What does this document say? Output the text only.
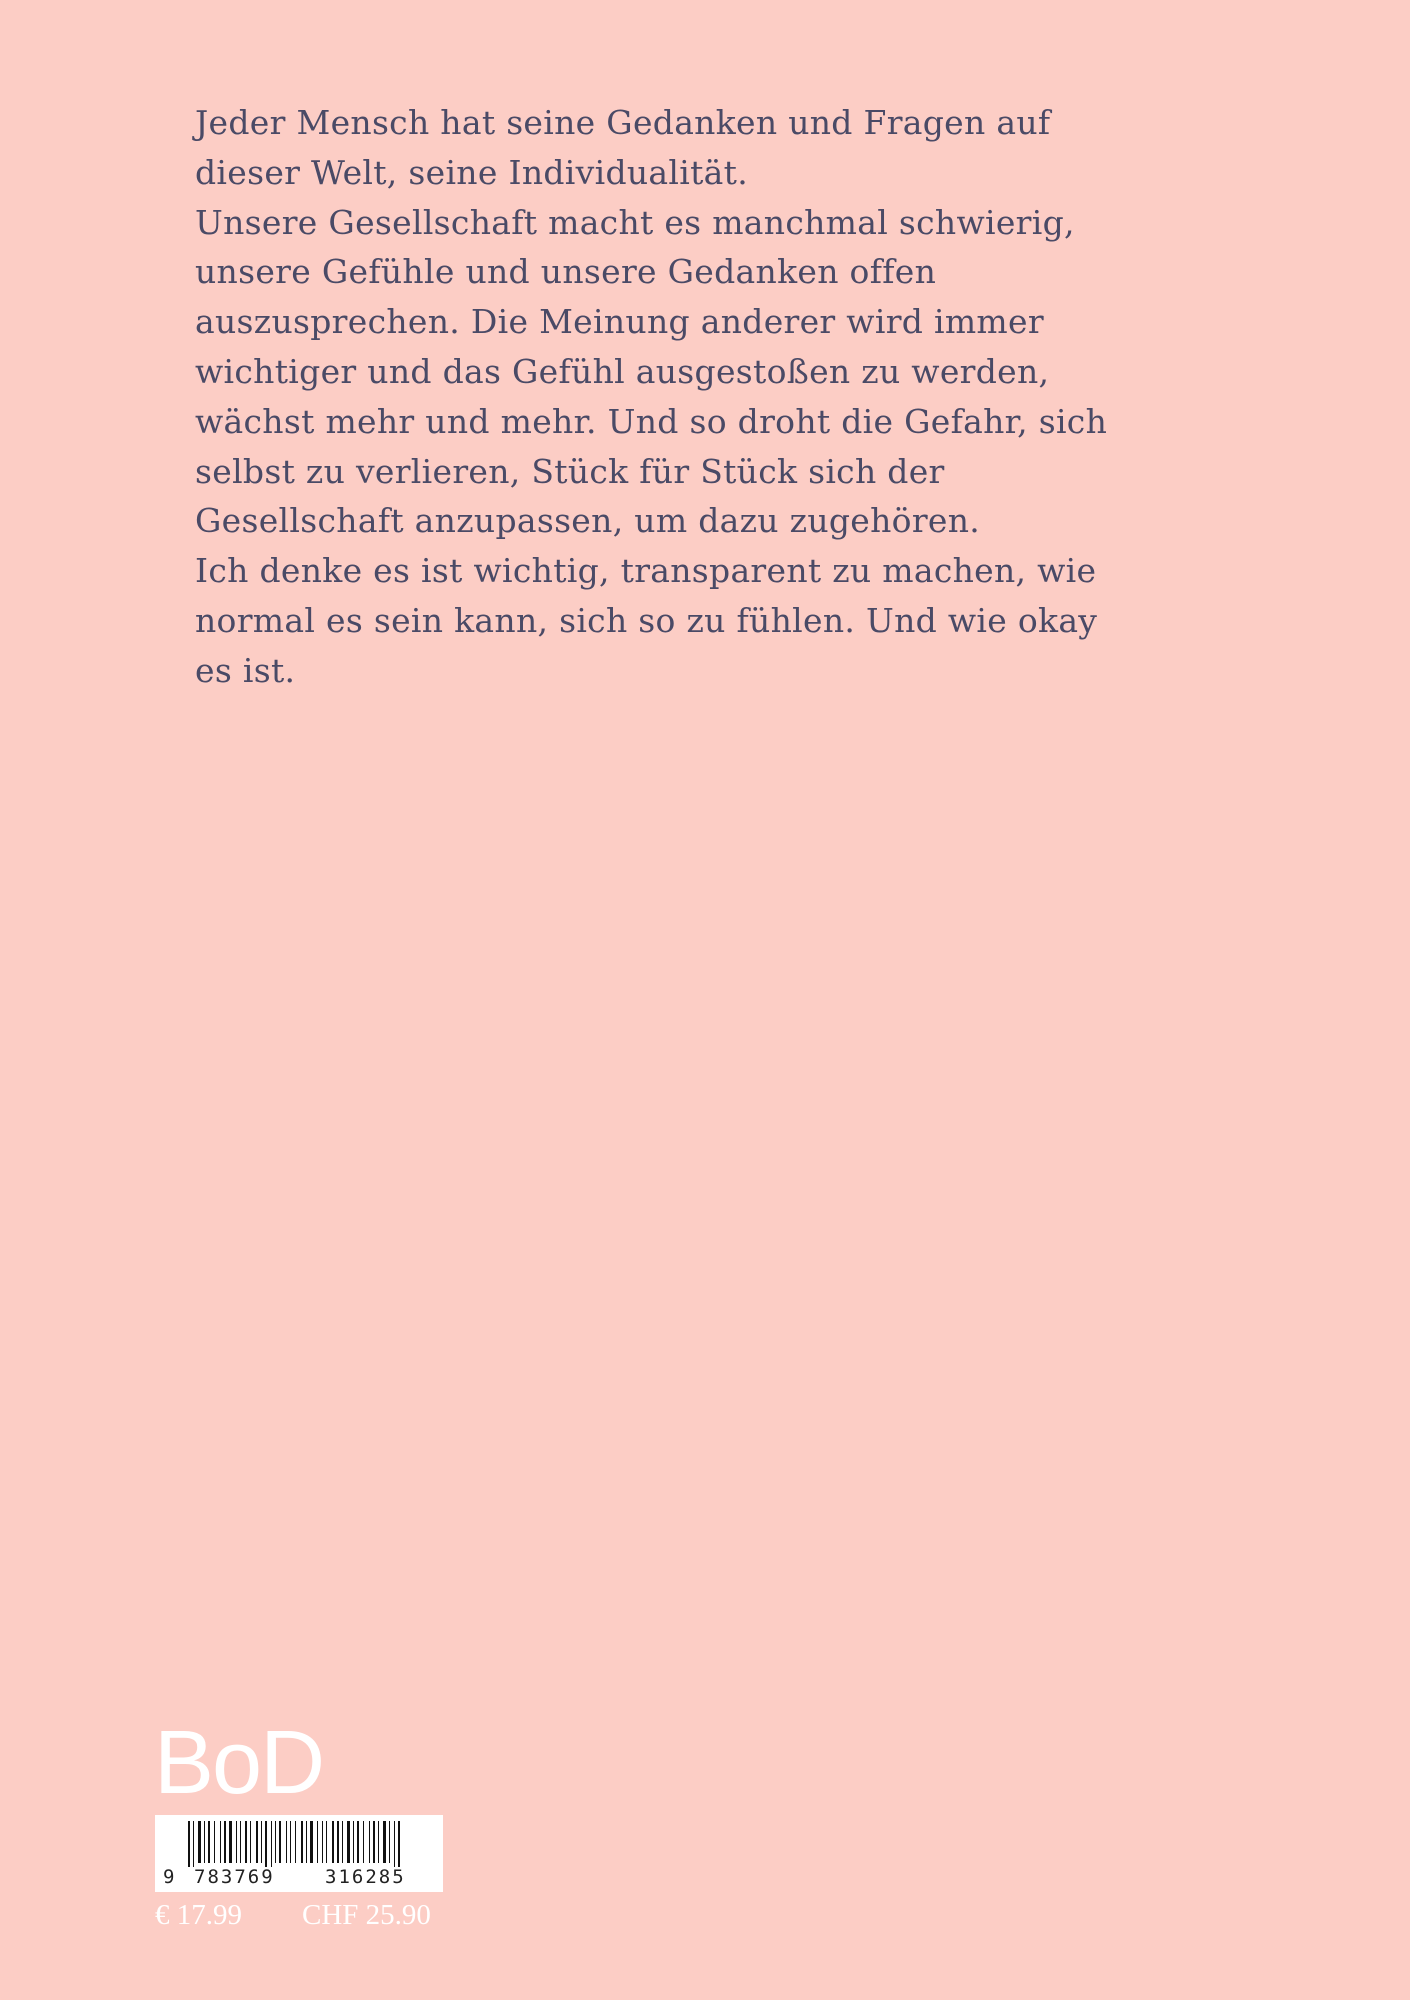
Jeder Mensch hat seine Gedanken und Fragen auf
dieser Welt, seine Individualität.
Unsere Gesellschaft macht es manchmal schwierig,
unsere Gefühle und unsere Gedanken offen
auszusprechen. Die Meinung anderer wird immer
wichtiger und das Gefühl ausgestoßen zu werden,
wächst mehr und mehr. Und so droht die Gefahr, sich
selbst zu verlieren, Stück für Stück sich der
Gesellschaft anzupassen, um dazu zugehören.
Ich denke es ist wichtig, transparent zu machen, wie
normal es sein kann, sich so zu fühlen. Und wie okay
es ist.
BoD
9 783769	316285
€ 17.99 CHF 25.90
